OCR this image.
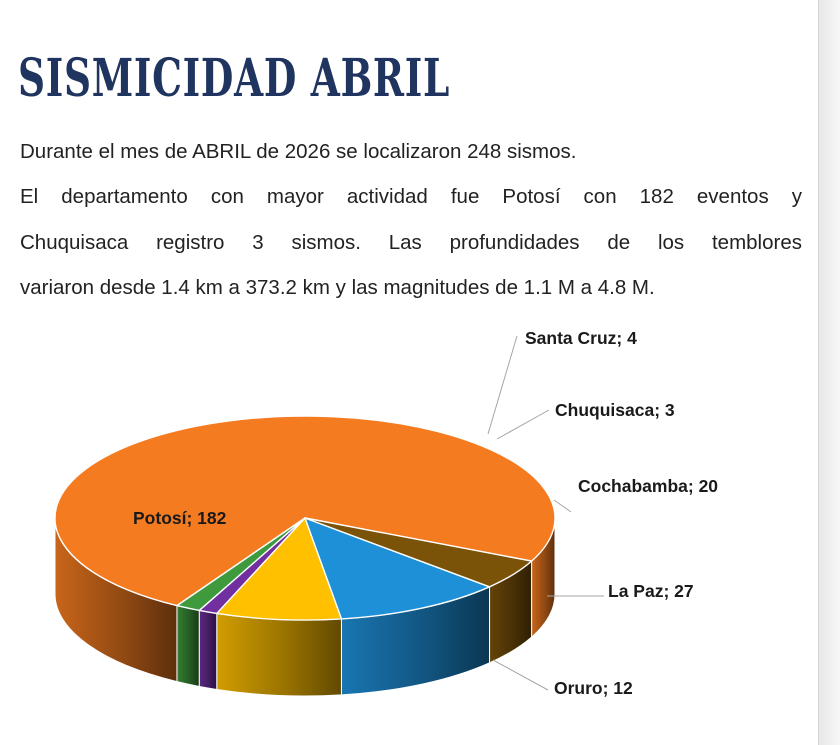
SISMICIDAD ABRIL

Durante el mes de ABRIL de 2026 se localizaron 248 sismos.

El departamento con mayor actividad fue Potosí con 182 eventos y

Chuquisaca registro 3 sismos. Las profundidades de los temblores

variaron desde 1.4 km a 373.2 km y las magnitudes de 1.1 M a 4.8 M.

Potosí; 182
Santa Cruz; 4
Chuquisaca; 3
Cochabamba; 20
La Paz; 27
Oruro; 12
